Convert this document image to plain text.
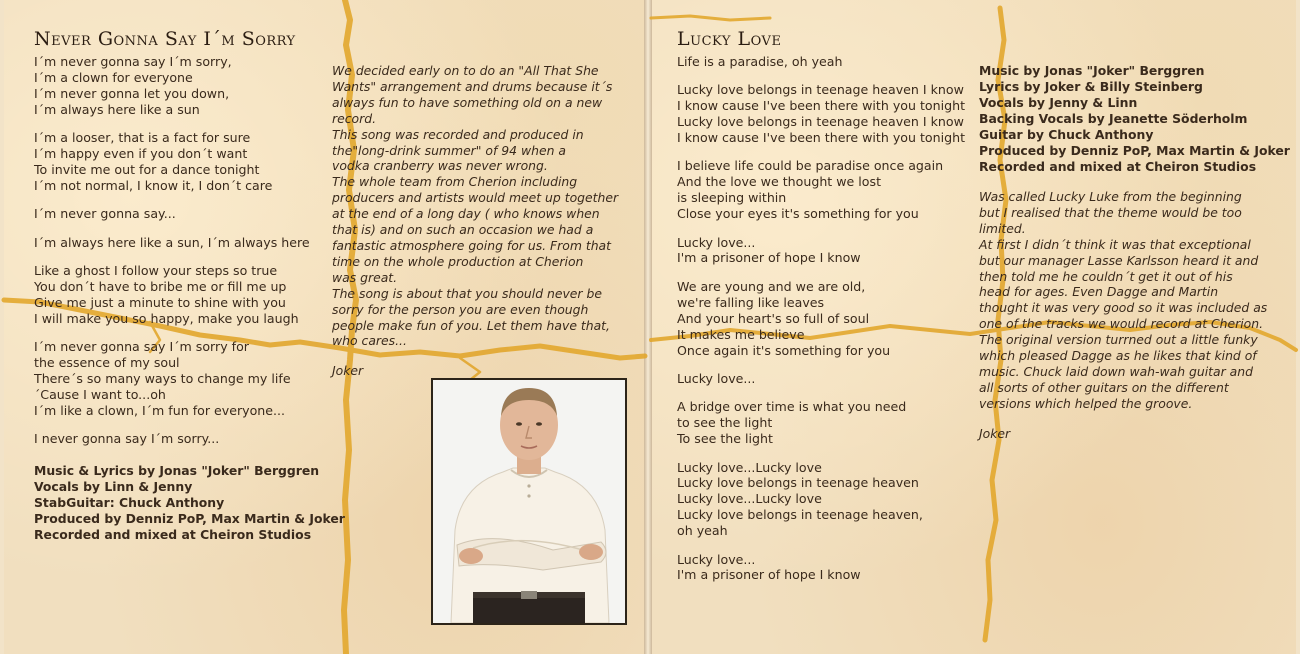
Never Gonna Say I´m Sorry
I´m never gonna say I´m sorry,
I´m a clown for everyone
I´m never gonna let you down,
I´m always here like a sun
I´m a looser, that is a fact for sure
I´m happy even if you don´t want
To invite me out for a dance tonight
I´m not normal, I know it, I don´t care
I´m never gonna say...
I´m always here like a sun, I´m always here
Like a ghost I follow your steps so true
You don´t have to bribe me or fill me up
Give me just a minute to shine with you
I will make you so happy, make you laugh
I´m never gonna say I´m sorry for
the essence of my soul
There´s so many ways to change my life
´Cause I want to...oh
I´m like a clown, I´m fun for everyone...
I never gonna say I´m sorry...
Music & Lyrics by Jonas "Joker" Berggren
Vocals by Linn & Jenny
StabGuitar: Chuck Anthony
Produced by Denniz PoP, Max Martin & Joker
Recorded and mixed at Cheiron Studios
We decided early on to do an "All That She
Wants" arrangement and drums because it´s
always fun to have something old on a new
record.
This song was recorded and produced in
the"long-drink summer" of 94 when a
vodka cranberry was never wrong.
The whole team from Cherion including
producers and artists would meet up together
at the end of a long day ( who knows when
that is) and on such an occasion we had a
fantastic atmosphere going for us. From that
time on the whole production at Cherion
was great.
The song is about that you should never be
sorry for the person you are even though
people make fun of you. Let them have that,
who cares...
Joker
Lucky Love
Life is a paradise, oh yeah
Lucky love belongs in teenage heaven I know
I know cause I've been there with you tonight
Lucky love belongs in teenage heaven I know
I know cause I've been there with you tonight
I believe life could be paradise once again
And the love we thought we lost
is sleeping within
Close your eyes it's something for you
Lucky love...
I'm a prisoner of hope I know
We are young and we are old,
we're falling like leaves
And your heart's so full of soul
It makes me believe
Once again it's something for you
Lucky love...
A bridge over time is what you need
to see the light
To see the light
Lucky love...Lucky love
Lucky love belongs in teenage heaven
Lucky love...Lucky love
Lucky love belongs in teenage heaven,
oh yeah
Lucky love...
I'm a prisoner of hope I know
Music by Jonas "Joker" Berggren
Lyrics by Joker & Billy Steinberg
Vocals by Jenny & Linn
Backing Vocals by Jeanette Söderholm
Guitar by Chuck Anthony
Produced by Denniz PoP, Max Martin & Joker
Recorded and mixed at Cheiron Studios
Was called Lucky Luke from the beginning
but I realised that the theme would be too
limited.
At first I didn´t think it was that exceptional
but our manager Lasse Karlsson heard it and
then told me he couldn´t get it out of his
head for ages. Even Dagge and Martin
thought it was very good so it was included as
one of the tracks we would record at Cherion.
The original version turrned out a little funky
which pleased Dagge as he likes that kind of
music. Chuck laid down wah-wah guitar and
all sorts of other guitars on the different
versions which helped the groove.
Joker
